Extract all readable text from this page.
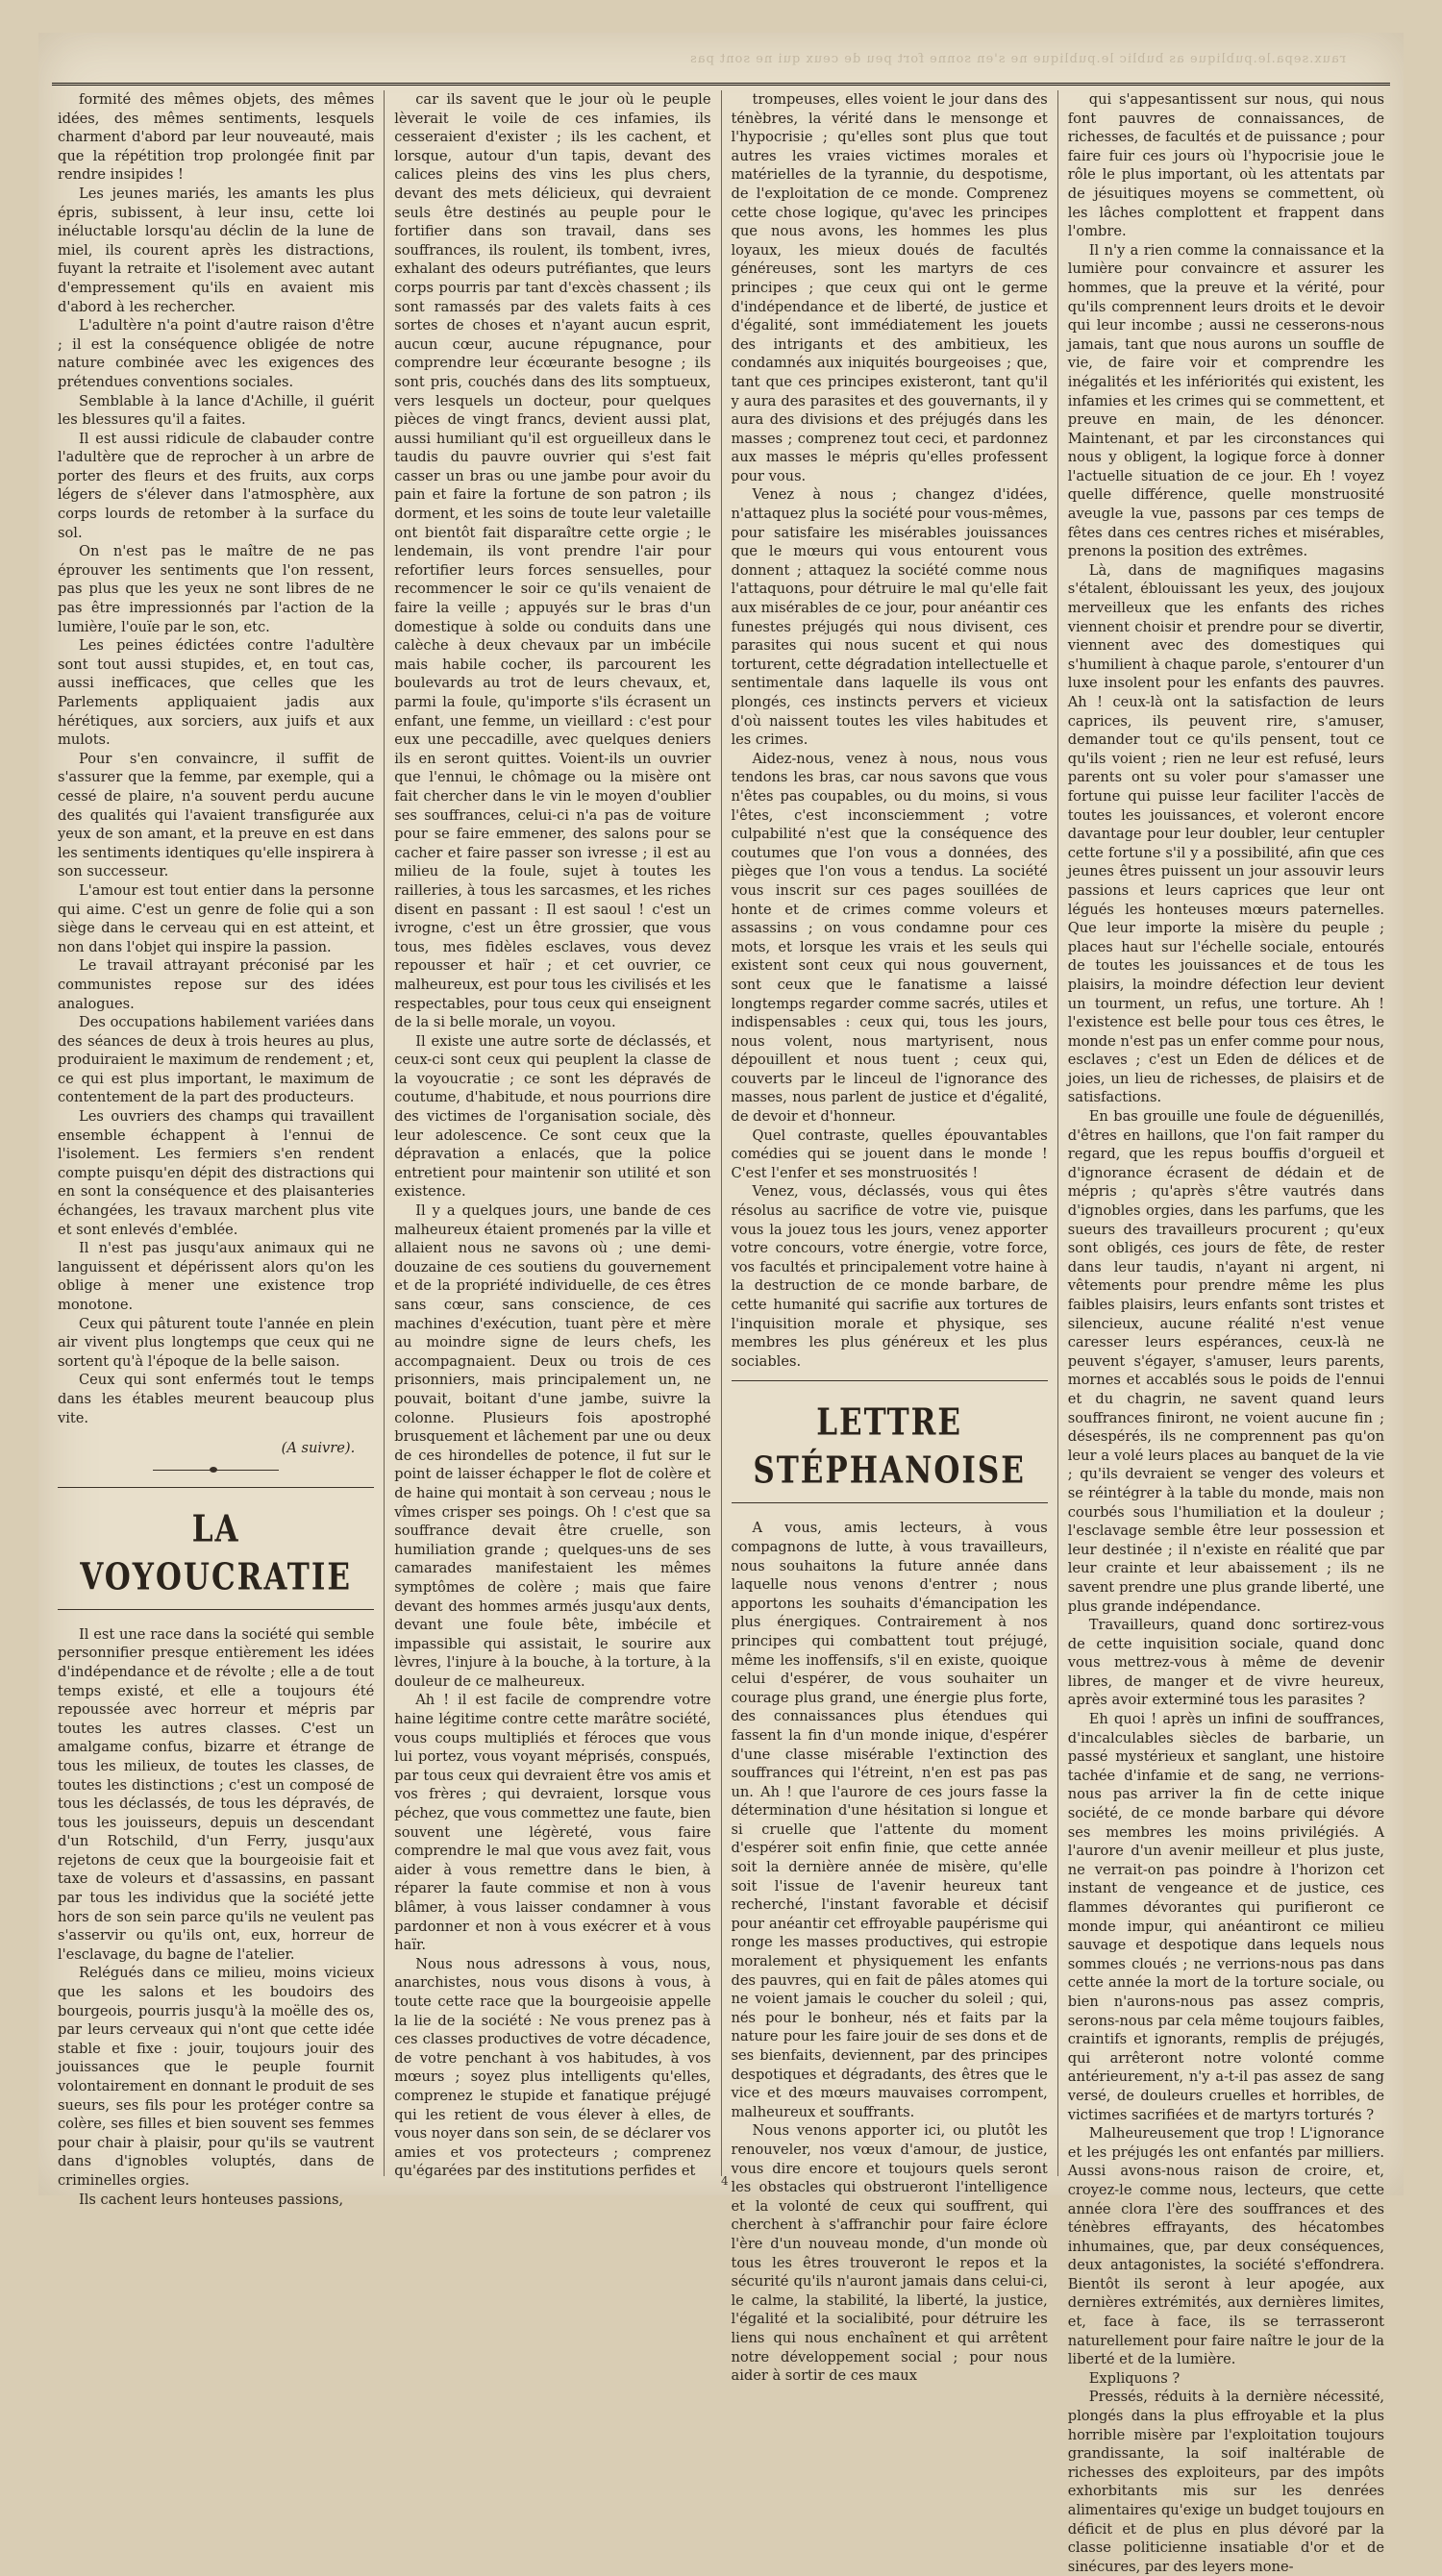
raux.sepa.le.publique as bublic le.publique ne s'en sonne fort peu de ceux qui ne sont pas

formité des mêmes objets, des mêmes idées, des mêmes sentiments, lesquels charment d'abord par leur nouveauté, mais que la répétition trop prolongée finit par rendre insipides !

Les jeunes mariés, les amants les plus épris, subissent, à leur insu, cette loi inéluctable lorsqu'au déclin de la lune de miel, ils courent après les distractions, fuyant la retraite et l'isolement avec autant d'empressement qu'ils en avaient mis d'abord à les rechercher.

L'adultère n'a point d'autre raison d'être ; il est la conséquence obligée de notre nature combinée avec les exigences des prétendues conventions sociales.

Semblable à la lance d'Achille, il guérit les blessures qu'il a faites.

Il est aussi ridicule de clabauder contre l'adultère que de reprocher à un arbre de porter des fleurs et des fruits, aux corps légers de s'élever dans l'atmosphère, aux corps lourds de retomber à la surface du sol.

On n'est pas le maître de ne pas éprouver les sentiments que l'on ressent, pas plus que les yeux ne sont libres de ne pas être impressionnés par l'action de la lumière, l'ouïe par le son, etc.

Les peines édictées contre l'adultère sont tout aussi stupides, et, en tout cas, aussi inefficaces, que celles que les Parlements appliquaient jadis aux hérétiques, aux sorciers, aux juifs et aux mulots.

Pour s'en convaincre, il suffit de s'assurer que la femme, par exemple, qui a cessé de plaire, n'a souvent perdu aucune des qualités qui l'avaient transfigurée aux yeux de son amant, et la preuve en est dans les sentiments identiques qu'elle inspirera à son successeur.

L'amour est tout entier dans la personne qui aime. C'est un genre de folie qui a son siège dans le cerveau qui en est atteint, et non dans l'objet qui inspire la passion.

Le travail attrayant préconisé par les communistes repose sur des idées analogues.

Des occupations habilement variées dans des séances de deux à trois heures au plus, produiraient le maximum de rendement ; et, ce qui est plus important, le maximum de contentement de la part des producteurs.

Les ouvriers des champs qui travaillent ensemble échappent à l'ennui de l'isolement. Les fermiers s'en rendent compte puisqu'en dépit des distractions qui en sont la conséquence et des plaisanteries échangées, les travaux marchent plus vite et sont enlevés d'emblée.

Il n'est pas jusqu'aux animaux qui ne languissent et dépérissent alors qu'on les oblige à mener une existence trop monotone.

Ceux qui pâturent toute l'année en plein air vivent plus longtemps que ceux qui ne sortent qu'à l'époque de la belle saison.

Ceux qui sont enfermés tout le temps dans les étables meurent beaucoup plus vite.

(A suivre).

LA VOYOUCRATIE

Il est une race dans la société qui semble personnifier presque entièrement les idées d'indépendance et de révolte ; elle a de tout temps existé, et elle a toujours été repoussée avec horreur et mépris par toutes les autres classes. C'est un amalgame confus, bizarre et étrange de tous les milieux, de toutes les classes, de toutes les distinctions ; c'est un composé de tous les déclassés, de tous les dépravés, de tous les jouisseurs, depuis un descendant d'un Rotschild, d'un Ferry, jusqu'aux rejetons de ceux que la bourgeoisie fait et taxe de voleurs et d'assassins, en passant par tous les individus que la société jette hors de son sein parce qu'ils ne veulent pas s'asservir ou qu'ils ont, eux, horreur de l'esclavage, du bagne de l'atelier.

Relégués dans ce milieu, moins vicieux que les salons et les boudoirs des bourgeois, pourris jusqu'à la moëlle des os, par leurs cerveaux qui n'ont que cette idée stable et fixe : jouir, toujours jouir des jouissances que le peuple fournit volontairement en donnant le produit de ses sueurs, ses fils pour les protéger contre sa colère, ses filles et bien souvent ses femmes pour chair à plaisir, pour qu'ils se vautrent dans d'ignobles voluptés, dans de criminelles orgies.

Ils cachent leurs honteuses passions,

car ils savent que le jour où le peuple lèverait le voile de ces infamies, ils cesseraient d'exister ; ils les cachent, et lorsque, autour d'un tapis, devant des calices pleins des vins les plus chers, devant des mets délicieux, qui devraient seuls être destinés au peuple pour le fortifier dans son travail, dans ses souffrances, ils roulent, ils tombent, ivres, exhalant des odeurs putréfiantes, que leurs corps pourris par tant d'excès chassent ; ils sont ramassés par des valets faits à ces sortes de choses et n'ayant aucun esprit, aucun cœur, aucune répugnance, pour comprendre leur écœurante besogne ; ils sont pris, couchés dans des lits somptueux, vers lesquels un docteur, pour quelques pièces de vingt francs, devient aussi plat, aussi humiliant qu'il est orgueilleux dans le taudis du pauvre ouvrier qui s'est fait casser un bras ou une jambe pour avoir du pain et faire la fortune de son patron ; ils dorment, et les soins de toute leur valetaille ont bientôt fait disparaître cette orgie ; le lendemain, ils vont prendre l'air pour refortifier leurs forces sensuelles, pour recommencer le soir ce qu'ils venaient de faire la veille ; appuyés sur le bras d'un domestique à solde ou conduits dans une calèche à deux chevaux par un imbécile mais habile cocher, ils parcourent les boulevards au trot de leurs chevaux, et, parmi la foule, qu'importe s'ils écrasent un enfant, une femme, un vieillard : c'est pour eux une peccadille, avec quelques deniers ils en seront quittes. Voient-ils un ouvrier que l'ennui, le chômage ou la misère ont fait chercher dans le vin le moyen d'oublier ses souffrances, celui-ci n'a pas de voiture pour se faire emmener, des salons pour se cacher et faire passer son ivresse ; il est au milieu de la foule, sujet à toutes les railleries, à tous les sarcasmes, et les riches disent en passant : Il est saoul ! c'est un ivrogne, c'est un être grossier, que vous tous, mes fidèles esclaves, vous devez repousser et haïr ; et cet ouvrier, ce malheureux, est pour tous les civilisés et les respectables, pour tous ceux qui enseignent de la si belle morale, un voyou.

Il existe une autre sorte de déclassés, et ceux-ci sont ceux qui peuplent la classe de la voyoucratie ; ce sont les dépravés de coutume, d'habitude, et nous pourrions dire des victimes de l'organisation sociale, dès leur adolescence. Ce sont ceux que la dépravation a enlacés, que la police entretient pour maintenir son utilité et son existence.

Il y a quelques jours, une bande de ces malheureux étaient promenés par la ville et allaient nous ne savons où ; une demi-douzaine de ces soutiens du gouvernement et de la propriété individuelle, de ces êtres sans cœur, sans conscience, de ces machines d'exécution, tuant père et mère au moindre signe de leurs chefs, les accompagnaient. Deux ou trois de ces prisonniers, mais principalement un, ne pouvait, boitant d'une jambe, suivre la colonne. Plusieurs fois apostrophé brusquement et lâchement par une ou deux de ces hirondelles de potence, il fut sur le point de laisser échapper le flot de colère et de haine qui montait à son cerveau ; nous le vîmes crisper ses poings. Oh ! c'est que sa souffrance devait être cruelle, son humiliation grande ; quelques-uns de ses camarades manifestaient les mêmes symptômes de colère ; mais que faire devant des hommes armés jusqu'aux dents, devant une foule bête, imbécile et impassible qui assistait, le sourire aux lèvres, l'injure à la bouche, à la torture, à la douleur de ce malheureux.

Ah ! il est facile de comprendre votre haine légitime contre cette marâtre société, vous coups multipliés et féroces que vous lui portez, vous voyant méprisés, conspués, par tous ceux qui devraient être vos amis et vos frères ; qui devraient, lorsque vous péchez, que vous commettez une faute, bien souvent une légèreté, vous faire comprendre le mal que vous avez fait, vous aider à vous remettre dans le bien, à réparer la faute commise et non à vous blâmer, à vous laisser condamner à vous pardonner et non à vous exécrer et à vous haïr.

Nous nous adressons à vous, nous, anarchistes, nous vous disons à vous, à toute cette race que la bourgeoisie appelle la lie de la société : Ne vous prenez pas à ces classes productives de votre décadence, de votre penchant à vos habitudes, à vos mœurs ; soyez plus intelligents qu'elles, comprenez le stupide et fanatique préjugé qui les retient de vous élever à elles, de vous noyer dans son sein, de se déclarer vos amies et vos protecteurs ; comprenez qu'égarées par des institutions perfides et

trompeuses, elles voient le jour dans des ténèbres, la vérité dans le mensonge et l'hypocrisie ; qu'elles sont plus que tout autres les vraies victimes morales et matérielles de la tyrannie, du despotisme, de l'exploitation de ce monde. Comprenez cette chose logique, qu'avec les principes que nous avons, les hommes les plus loyaux, les mieux doués de facultés généreuses, sont les martyrs de ces principes ; que ceux qui ont le germe d'indépendance et de liberté, de justice et d'égalité, sont immédiatement les jouets des intrigants et des ambitieux, les condamnés aux iniquités bourgeoises ; que, tant que ces principes existeront, tant qu'il y aura des parasites et des gouvernants, il y aura des divisions et des préjugés dans les masses ; comprenez tout ceci, et pardonnez aux masses le mépris qu'elles professent pour vous.

Venez à nous ; changez d'idées, n'attaquez plus la société pour vous-mêmes, pour satisfaire les misérables jouissances que le mœurs qui vous entourent vous donnent ; attaquez la société comme nous l'attaquons, pour détruire le mal qu'elle fait aux misérables de ce jour, pour anéantir ces funestes préjugés qui nous divisent, ces parasites qui nous sucent et qui nous torturent, cette dégradation intellectuelle et sentimentale dans laquelle ils vous ont plongés, ces instincts pervers et vicieux d'où naissent toutes les viles habitudes et les crimes.

Aidez-nous, venez à nous, nous vous tendons les bras, car nous savons que vous n'êtes pas coupables, ou du moins, si vous l'êtes, c'est inconsciemment ; votre culpabilité n'est que la conséquence des coutumes que l'on vous a données, des pièges que l'on vous a tendus. La société vous inscrit sur ces pages souillées de honte et de crimes comme voleurs et assassins ; on vous condamne pour ces mots, et lorsque les vrais et les seuls qui existent sont ceux qui nous gouvernent, sont ceux que le fanatisme a laissé longtemps regarder comme sacrés, utiles et indispensables : ceux qui, tous les jours, nous volent, nous martyrisent, nous dépouillent et nous tuent ; ceux qui, couverts par le linceul de l'ignorance des masses, nous parlent de justice et d'égalité, de devoir et d'honneur.

Quel contraste, quelles épouvantables comédies qui se jouent dans le monde ! C'est l'enfer et ses monstruosités !

Venez, vous, déclassés, vous qui êtes résolus au sacrifice de votre vie, puisque vous la jouez tous les jours, venez apporter votre concours, votre énergie, votre force, vos facultés et principalement votre haine à la destruction de ce monde barbare, de cette humanité qui sacrifie aux tortures de l'inquisition morale et physique, ses membres les plus généreux et les plus sociables.

LETTRE STÉPHANOISE

A vous, amis lecteurs, à vous compagnons de lutte, à vous travailleurs, nous souhaitons la future année dans laquelle nous venons d'entrer ; nous apportons les souhaits d'émancipation les plus énergiques. Contrairement à nos principes qui combattent tout préjugé, même les inoffensifs, s'il en existe, quoique celui d'espérer, de vous souhaiter un courage plus grand, une énergie plus forte, des connaissances plus étendues qui fassent la fin d'un monde inique, d'espérer d'une classe misérable l'extinction des souffrances qui l'étreint, n'en est pas pas un. Ah ! que l'aurore de ces jours fasse la détermination d'une hésitation si longue et si cruelle que l'attente du moment d'espérer soit enfin finie, que cette année soit la dernière année de misère, qu'elle soit l'issue de l'avenir heureux tant recherché, l'instant favorable et décisif pour anéantir cet effroyable paupérisme qui ronge les masses productives, qui estropie moralement et physiquement les enfants des pauvres, qui en fait de pâles atomes qui ne voient jamais le coucher du soleil ; qui, nés pour le bonheur, nés et faits par la nature pour les faire jouir de ses dons et de ses bienfaits, deviennent, par des principes despotiques et dégradants, des êtres que le vice et des mœurs mauvaises corrompent, malheureux et souffrants.

Nous venons apporter ici, ou plutôt les renouveler, nos vœux d'amour, de justice, vous dire encore et toujours quels seront les obstacles qui obstrueront l'intelligence et la volonté de ceux qui souffrent, qui cherchent à s'affranchir pour faire éclore l'ère d'un nouveau monde, d'un monde où tous les êtres trouveront le repos et la sécurité qu'ils n'auront jamais dans celui-ci, le calme, la stabilité, la liberté, la justice, l'égalité et la socialibité, pour détruire les liens qui nous enchaînent et qui arrêtent notre développement social ; pour nous aider à sortir de ces maux

qui s'appesantissent sur nous, qui nous font pauvres de connaissances, de richesses, de facultés et de puissance ; pour faire fuir ces jours où l'hypocrisie joue le rôle le plus important, où les attentats par de jésuitiques moyens se commettent, où les lâches complottent et frappent dans l'ombre.

Il n'y a rien comme la connaissance et la lumière pour convaincre et assurer les hommes, que la preuve et la vérité, pour qu'ils comprennent leurs droits et le devoir qui leur incombe ; aussi ne cesserons-nous jamais, tant que nous aurons un souffle de vie, de faire voir et comprendre les inégalités et les infériorités qui existent, les infamies et les crimes qui se commettent, et preuve en main, de les dénoncer. Maintenant, et par les circonstances qui nous y obligent, la logique force à donner l'actuelle situation de ce jour. Eh ! voyez quelle différence, quelle monstruosité aveugle la vue, passons par ces temps de fêtes dans ces centres riches et misérables, prenons la position des extrêmes.

Là, dans de magnifiques magasins s'étalent, éblouissant les yeux, des joujoux merveilleux que les enfants des riches viennent choisir et prendre pour se divertir, viennent avec des domestiques qui s'humilient à chaque parole, s'entourer d'un luxe insolent pour les enfants des pauvres. Ah ! ceux-là ont la satisfaction de leurs caprices, ils peuvent rire, s'amuser, demander tout ce qu'ils pensent, tout ce qu'ils voient ; rien ne leur est refusé, leurs parents ont su voler pour s'amasser une fortune qui puisse leur faciliter l'accès de toutes les jouissances, et voleront encore davantage pour leur doubler, leur centupler cette fortune s'il y a possibilité, afin que ces jeunes êtres puissent un jour assouvir leurs passions et leurs caprices que leur ont légués les honteuses mœurs paternelles. Que leur importe la misère du peuple ; places haut sur l'échelle sociale, entourés de toutes les jouissances et de tous les plaisirs, la moindre défection leur devient un tourment, un refus, une torture. Ah ! l'existence est belle pour tous ces êtres, le monde n'est pas un enfer comme pour nous, esclaves ; c'est un Eden de délices et de joies, un lieu de richesses, de plaisirs et de satisfactions.

En bas grouille une foule de déguenillés, d'êtres en haillons, que l'on fait ramper du regard, que les repus bouffis d'orgueil et d'ignorance écrasent de dédain et de mépris ; qu'après s'être vautrés dans d'ignobles orgies, dans les parfums, que les sueurs des travailleurs procurent ; qu'eux sont obligés, ces jours de fête, de rester dans leur taudis, n'ayant ni argent, ni vêtements pour prendre même les plus faibles plaisirs, leurs enfants sont tristes et silencieux, aucune réalité n'est venue caresser leurs espérances, ceux-là ne peuvent s'égayer, s'amuser, leurs parents, mornes et accablés sous le poids de l'ennui et du chagrin, ne savent quand leurs souffrances finiront, ne voient aucune fin ; désespérés, ils ne comprennent pas qu'on leur a volé leurs places au banquet de la vie ; qu'ils devraient se venger des voleurs et se réintégrer à la table du monde, mais non courbés sous l'humiliation et la douleur ; l'esclavage semble être leur possession et leur destinée ; il n'existe en réalité que par leur crainte et leur abaissement ; ils ne savent prendre une plus grande liberté, une plus grande indépendance.

Travailleurs, quand donc sortirez-vous de cette inquisition sociale, quand donc vous mettrez-vous à même de devenir libres, de manger et de vivre heureux, après avoir exterminé tous les parasites ?

Eh quoi ! après un infini de souffrances, d'incalculables siècles de barbarie, un passé mystérieux et sanglant, une histoire tachée d'infamie et de sang, ne verrions-nous pas arriver la fin de cette inique société, de ce monde barbare qui dévore ses membres les moins privilégiés. A l'aurore d'un avenir meilleur et plus juste, ne verrait-on pas poindre à l'horizon cet instant de vengeance et de justice, ces flammes dévorantes qui purifieront ce monde impur, qui anéantiront ce milieu sauvage et despotique dans lequels nous sommes cloués ; ne verrions-nous pas dans cette année la mort de la torture sociale, ou bien n'aurons-nous pas assez compris, serons-nous par cela même toujours faibles, craintifs et ignorants, remplis de préjugés, qui arrêteront notre volonté comme antérieurement, n'y a-t-il pas assez de sang versé, de douleurs cruelles et horribles, de victimes sacrifiées et de martyrs torturés ?

Malheureusement que trop ! L'ignorance et les préjugés les ont enfantés par milliers. Aussi avons-nous raison de croire, et, croyez-le comme nous, lecteurs, que cette année clora l'ère des souffrances et des ténèbres effrayants, des hécatombes inhumaines, que, par deux conséquences, deux antagonistes, la société s'effondrera. Bientôt ils seront à leur apogée, aux dernières extrémités, aux dernières limites, et, face à face, ils se terrasseront naturellement pour faire naître le jour de la liberté et de la lumière.

Expliquons ?

Pressés, réduits à la dernière nécessité, plongés dans la plus effroyable et la plus horrible misère par l'exploitation toujours grandissante, la soif inaltérable de richesses des exploiteurs, par des impôts exhorbitants mis sur les denrées alimentaires qu'exige un budget toujours en déficit et de plus en plus dévoré par la classe politicienne insatiable d'or et de sinécures, par des leyers mone-

4
